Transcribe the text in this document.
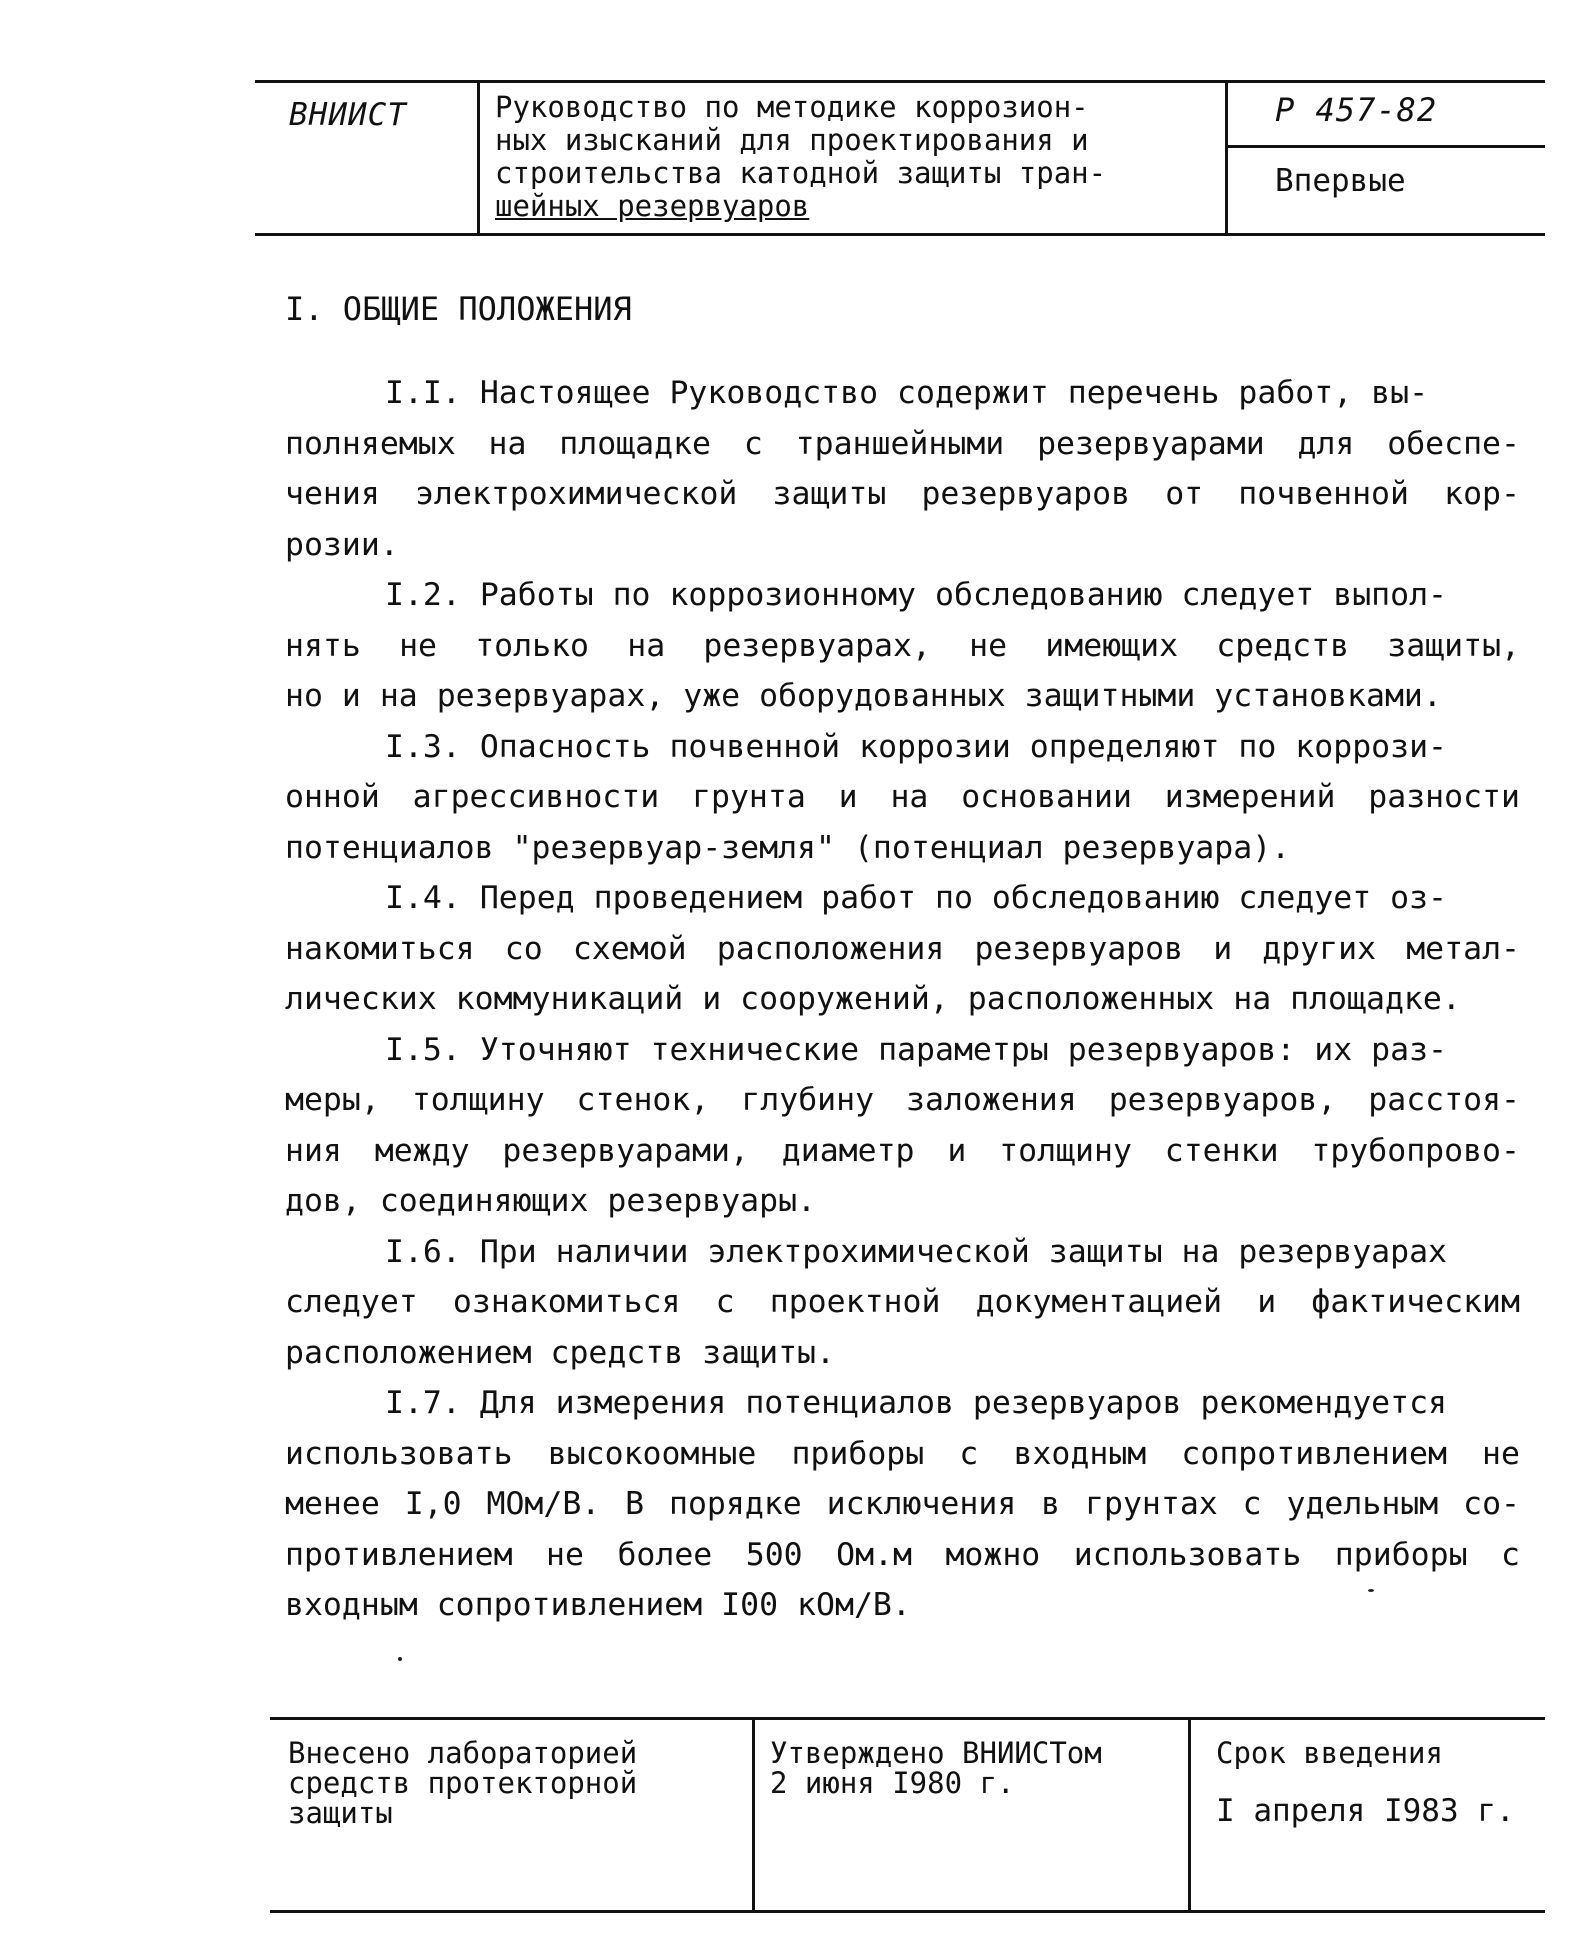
ВНИИСТ	Руководство по методике коррозион-
ных изысканий для проектирования и
строительства катодной защиты тран-
шейных резервуаров
Р 457-82
Впервые
I. ОБЩИЕ ПОЛОЖЕНИЯ

I.I. Настоящее Руководство содержит перечень работ, вы-
полняемых на площадке с траншейными резервуарами для обеспе-
чения электрохимической защиты резервуаров от почвенной кор-
розии.

I.2. Работы по коррозионному обследованию следует выпол-
нять не только на резервуарах, не имеющих средств защиты,
но и на резервуарах, уже оборудованных защитными установками.

I.3. Опасность почвенной коррозии определяют по коррози-
онной агрессивности грунта и на основании измерений разности
потенциалов "резервуар-земля" (потенциал резервуара).

I.4. Перед проведением работ по обследованию следует оз-
накомиться со схемой расположения резервуаров и других метал-
лических коммуникаций и сооружений, расположенных на площадке.

I.5. Уточняют технические параметры резервуаров: их раз-
меры, толщину стенок, глубину заложения резервуаров, расстоя-
ния между резервуарами, диаметр и толщину стенки трубопрово-
дов, соединяющих резервуары.

I.6. При наличии электрохимической защиты на резервуарах
следует ознакомиться с проектной документацией и фактическим
расположением средств защиты.

I.7. Для измерения потенциалов резервуаров рекомендуется
использовать высокоомные приборы с входным сопротивлением не
менее I,0 МОм/В. В порядке исключения в грунтах с удельным со-
противлением не более 500 Ом.м можно использовать приборы с
входным сопротивлением I00 кОм/В.

Внесено лабораторией
средств протекторной
защиты
Утверждено ВНИИСТом
2 июня I980 г.
Срок введения
I апреля I983 г.
